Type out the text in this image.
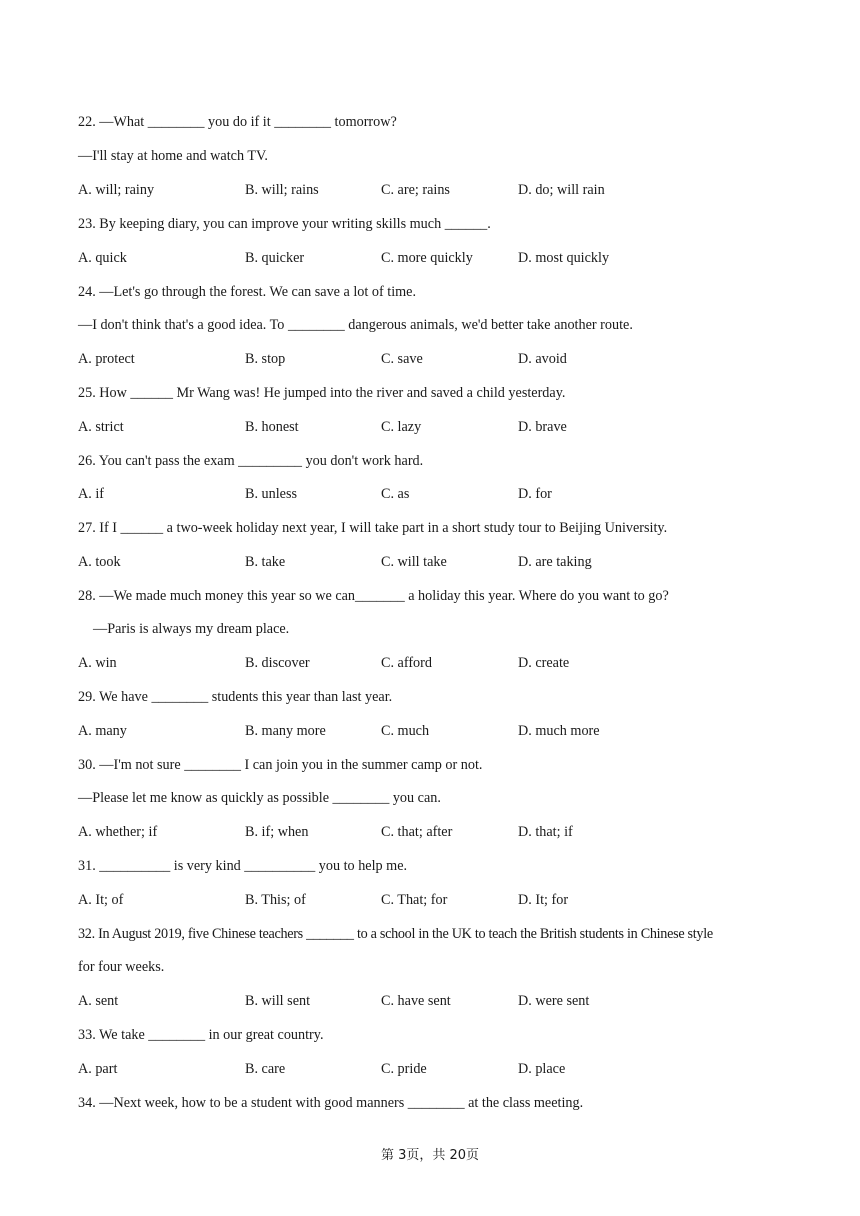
22. —What ________ you do if it ________ tomorrow?
—I'll stay at home and watch TV.
A. will; rainy	B. will; rains	C. are; rains	D. do; will rain
23. By keeping diary, you can improve your writing skills much ______.
A. quick	B. quicker	C. more quickly	D. most quickly
24. —Let's go through the forest. We can save a lot of time.
—I don't think that's a good idea. To ________ dangerous animals, we'd better take another route.
A. protect	B. stop	C. save	D. avoid
25. How ______ Mr Wang was! He jumped into the river and saved a child yesterday.
A. strict	B. honest	C. lazy	D. brave
26. You can't pass the exam _________ you don't work hard.
A. if	B. unless	C. as	D. for
27. If I ______ a two-week holiday next year, I will take part in a short study tour to Beijing University.
A. took	B. take	C. will take	D. are taking
28. —We made much money this year so we can_______ a holiday this year. Where do you want to go?
—Paris is always my dream place.
A. win	B. discover	C. afford	D. create
29. We have ________ students this year than last year.
A. many	B. many more	C. much	D. much more
30. —I'm not sure ________ I can join you in the summer camp or not.
—Please let me know as quickly as possible ________ you can.
A. whether; if	B. if; when	C. that; after	D. that; if
31. __________ is very kind __________ you to help me.
A. It; of	B. This; of	C. That; for	D. It; for
32. In August 2019, five Chinese teachers _______ to a school in the UK to teach the British students in Chinese style
for four weeks.
A. sent	B. will sent	C. have sent	D. were sent
33. We take ________ in our great country.
A. part	B. care	C. pride	D. place
34. —Next week, how to be a student with good manners ________ at the class meeting.
第 3页，共 20页
